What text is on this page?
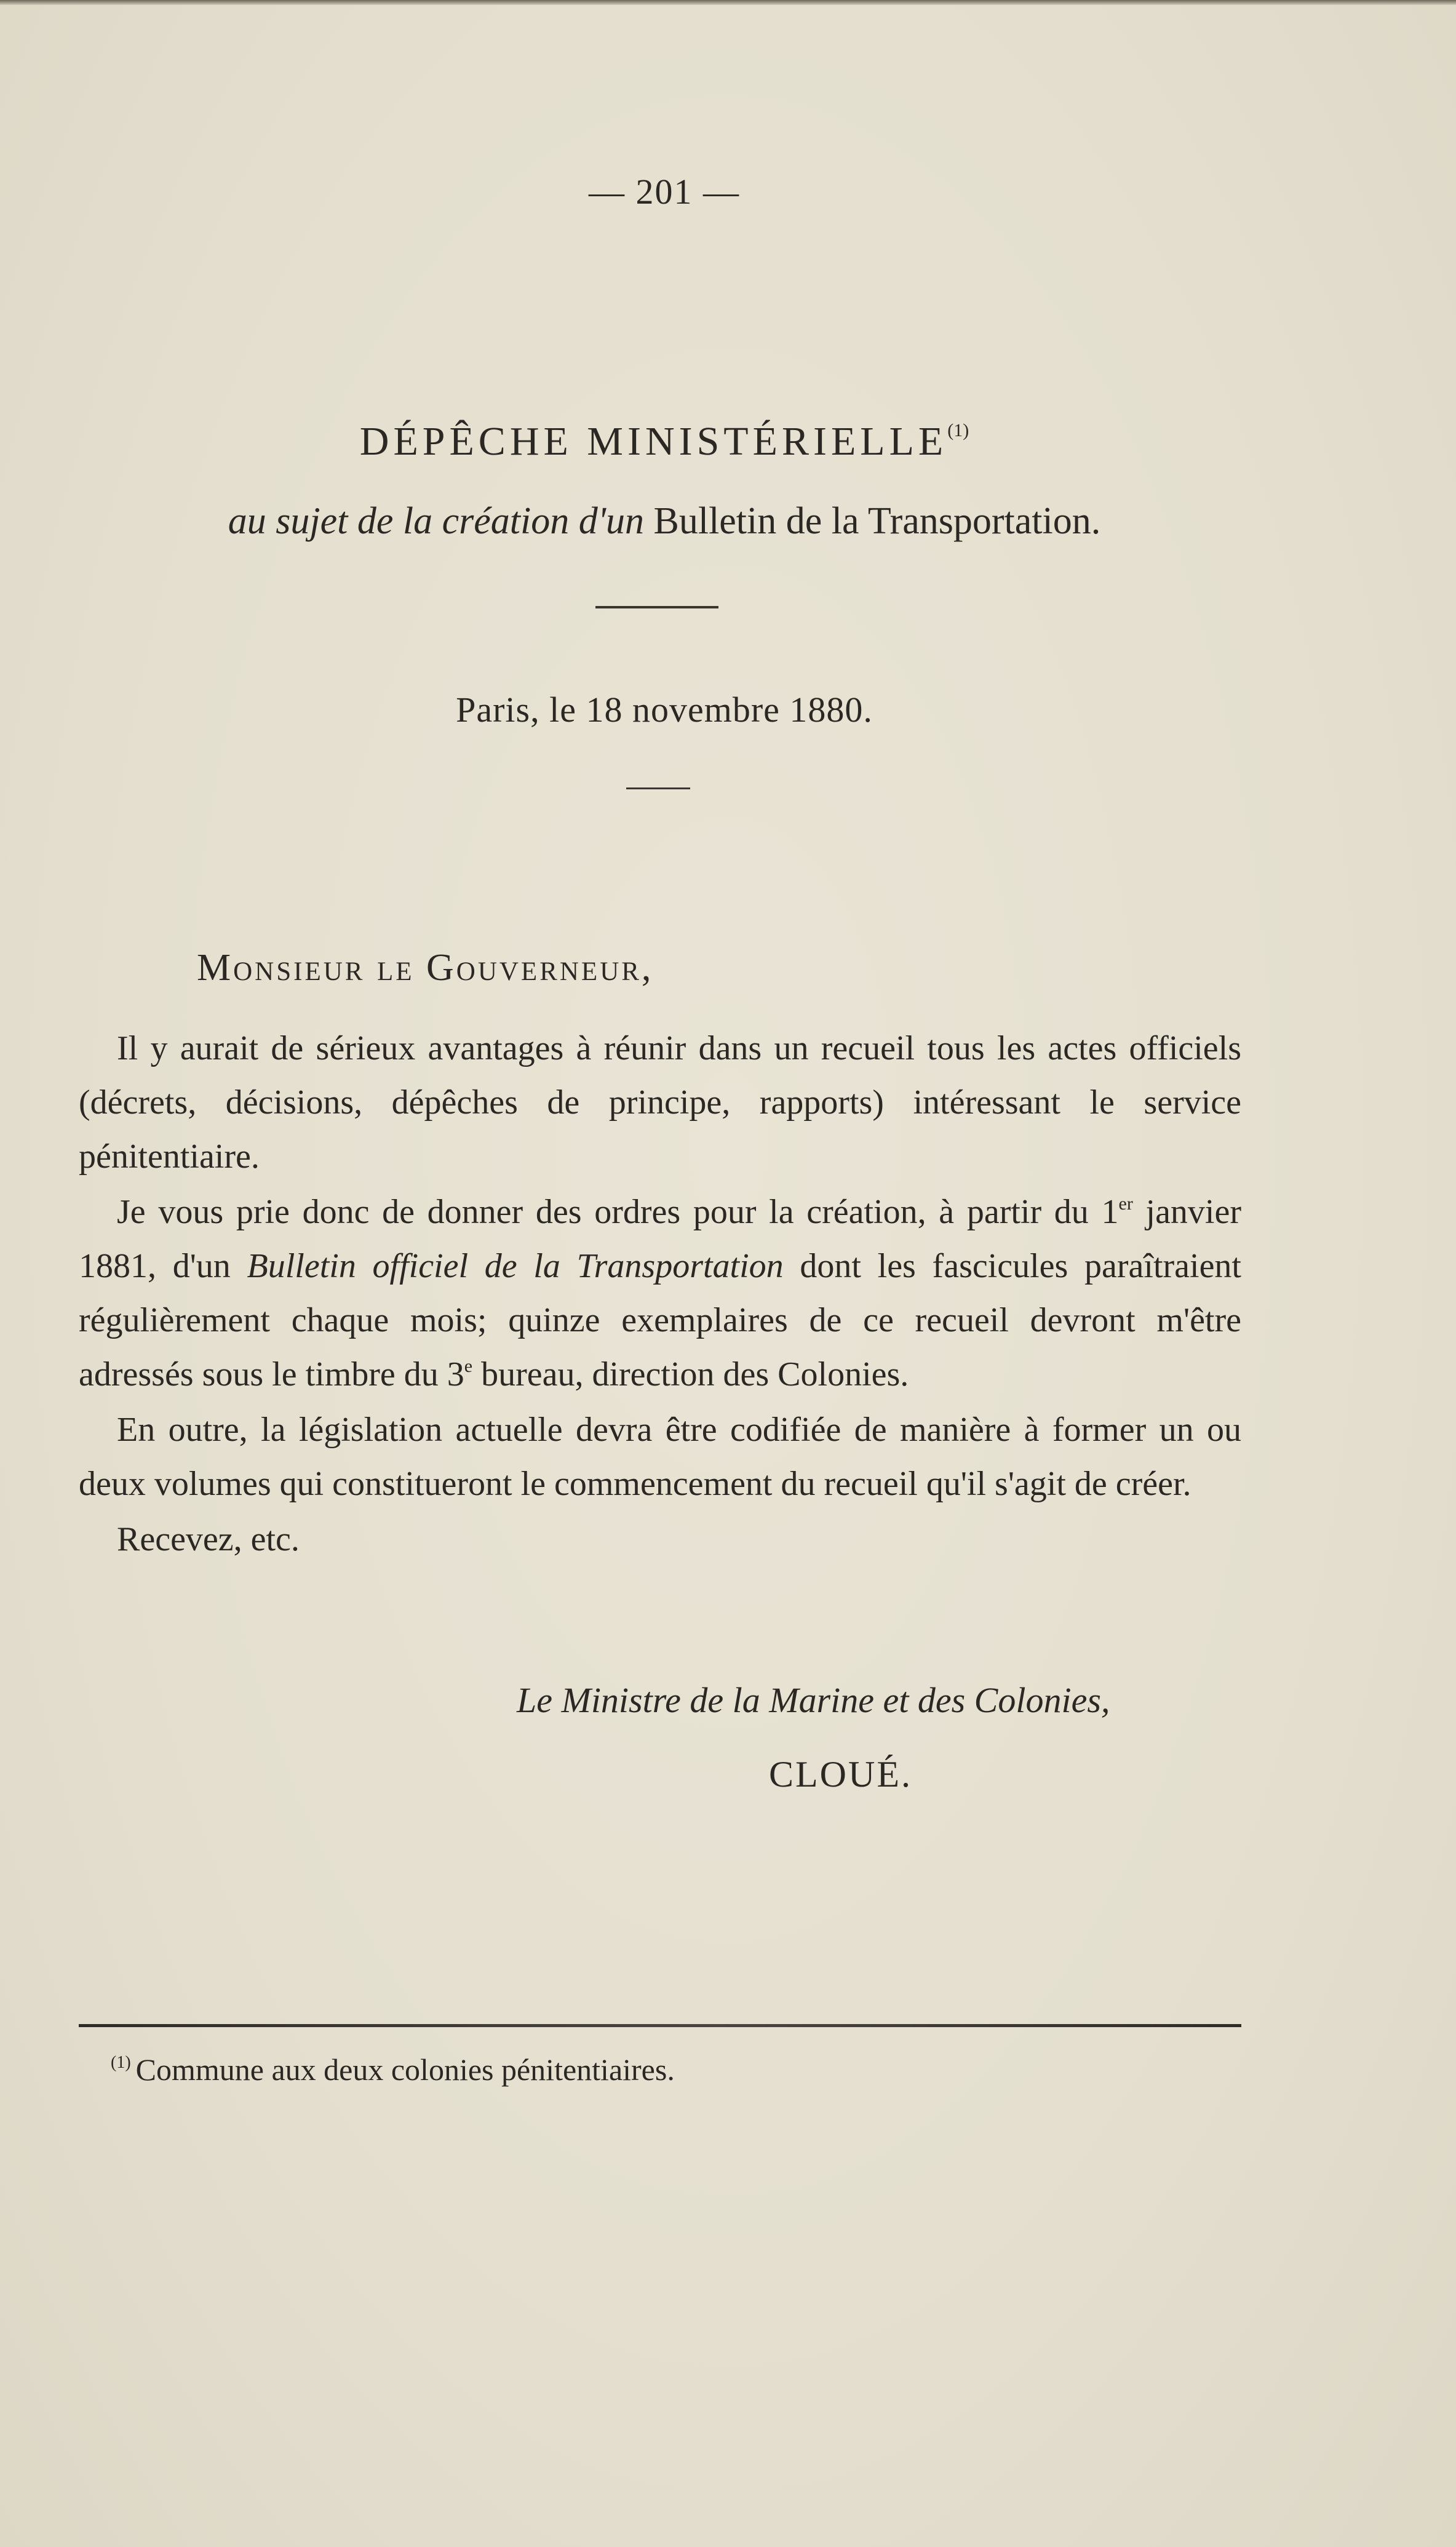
— 201 —
DÉPÊCHE MINISTÉRIELLE$^{(1)}$
au sujet de la création d'un Bulletin de la Transportation.
Paris, le 18 novembre 1880.
Monsieur le Gouverneur,

Il y aurait de sérieux avantages à réunir dans un recueil tous les actes officiels (décrets, décisions, dépêches de principe, rapports) intéressant le service pénitentiaire.

Je vous prie donc de donner des ordres pour la création, à partir du 1er janvier 1881, d'un Bulletin officiel de la Transportation dont les fascicules paraîtraient régulièrement chaque mois; quinze exemplaires de ce recueil devront m'être adressés sous le timbre du 3e bureau, direction des Colonies.

En outre, la législation actuelle devra être codifiée de manière à former un ou deux volumes qui constitueront le commencement du recueil qu'il s'agit de créer.

Recevez, etc.

Le Ministre de la Marine et des Colonies,
CLOUÉ.
$^{(1)}$ Commune aux deux colonies pénitentiaires.
